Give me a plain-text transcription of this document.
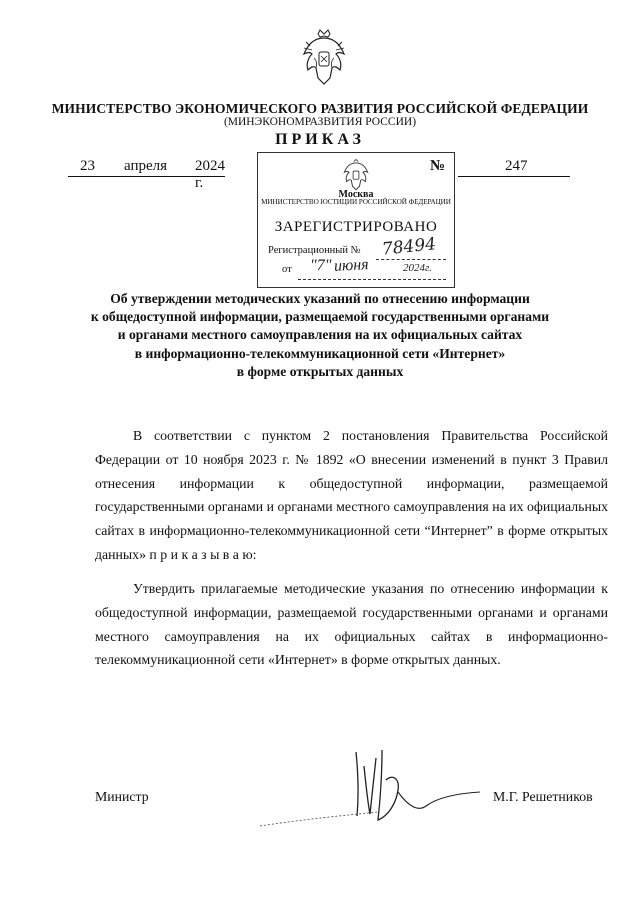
МИНИСТЕРСТВО ЭКОНОМИЧЕСКОГО РАЗВИТИЯ РОССИЙСКОЙ ФЕДЕРАЦИИ
(МИНЭКОНОМРАЗВИТИЯ РОССИИ)
ПРИКАЗ
23 апреля 2024 г.
№	247
Москва
МИНИСТЕРСТВО ЮСТИЦИИ РОССИЙСКОЙ ФЕДЕРАЦИИ
ЗАРЕГИСТРИРОВАНО
Регистрационный № 78494
от "7" июня	2024г.
Об утверждении методических указаний по отнесению информации
к общедоступной информации, размещаемой государственными органами
и органами местного самоуправления на их официальных сайтах
в информационно-телекоммуникационной сети «Интернет»
в форме открытых данных
В соответствии с пунктом 2 постановления Правительства Российской Федерации от 10 ноября 2023 г. № 1892 «О внесении изменений в пункт 3 Правил отнесения информации к общедоступной информации, размещаемой государственными органами и органами местного самоуправления на их официальных сайтах в информационно-телекоммуникационной сети “Интернет” в форме открытых данных» п р и к а з ы в а ю:
Утвердить прилагаемые методические указания по отнесению информации к общедоступной информации, размещаемой государственными органами и органами местного самоуправления на их официальных сайтах в информационно-телекоммуникационной сети «Интернет» в форме открытых данных.
Министр	М.Г. Решетников
